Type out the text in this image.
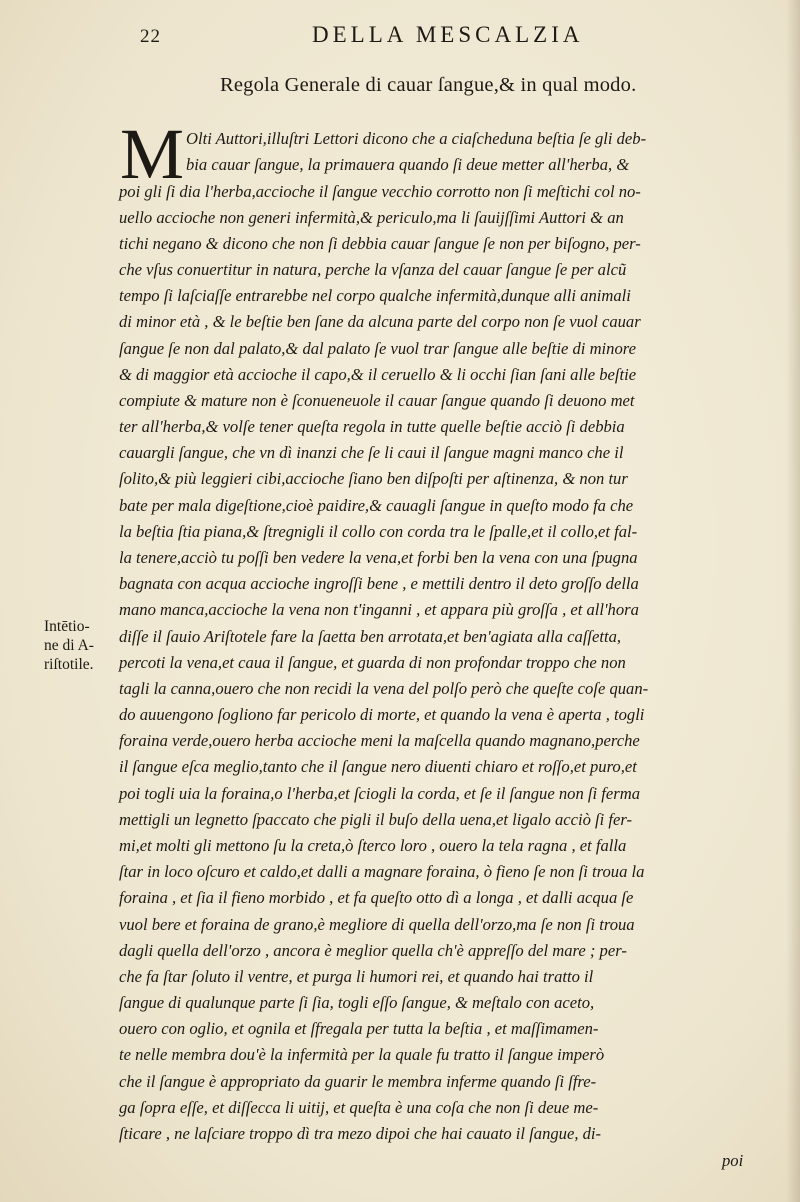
22	DELLA MESCALZIA
Regola Generale di cauar ſangue,& in qual modo.
M Olti Auttori,illuſtri Lettori dicono che a ciaſcheduna beſtia ſe gli deb-
bia cauar ſangue, la primauera quando ſi deue metter all'herba, &
poi gli ſi dia l'herba,accioche il ſangue vecchio corrotto non ſi meſtichi col no-
uello accioche non generi infermità,& periculo,ma li ſauijſſimi Auttori & an
tichi negano & dicono che non ſi debbia cauar ſangue ſe non per biſogno, per-
che vſus conuertitur in natura, perche la vſanza del cauar ſangue ſe per alcũ
tempo ſi laſciaſſe entrarebbe nel corpo qualche infermità,dunque alli animali
di minor età , & le beſtie ben ſane da alcuna parte del corpo non ſe vuol cauar
ſangue ſe non dal palato,& dal palato ſe vuol trar ſangue alle beſtie di minore
& di maggior età accioche il capo,& il ceruello & li occhi ſian ſani alle beſtie
compiute & mature non è ſconueneuole il cauar ſangue quando ſi deuono met
ter all'herba,& volſe tener queſta regola in tutte quelle beſtie acciò ſi debbia
cauargli ſangue, che vn dì inanzi che ſe li caui il ſangue magni manco che il
ſolito,& più leggieri cibi,accioche ſiano ben diſpoſti per aſtinenza, & non tur
bate per mala digeſtione,cioè paidire,& cauagli ſangue in queſto modo fa che
la beſtia ſtia piana,& ſtregnigli il collo con corda tra le ſpalle,et il collo,et fal-
la tenere,acciò tu poſſi ben vedere la vena,et forbi ben la vena con una ſpugna
bagnata con acqua accioche ingroſſi bene , e mettili dentro il deto groſſo della
mano manca,accioche la vena non t'inganni , et appara più groſſa , et all'hora
diſſe il ſauio Ariſtotele fare la ſaetta ben arrotata,et ben'agiata alla caſſetta,
percoti la vena,et caua il ſangue, et guarda di non profondar troppo che non
tagli la canna,ouero che non recidi la vena del polſo però che queſte coſe quan-
do auuengono ſogliono far pericolo di morte, et quando la vena è aperta , togli
foraina verde,ouero herba accioche meni la maſcella quando magnano,perche
il ſangue eſca meglio,tanto che il ſangue nero diuenti chiaro et roſſo,et puro,et
poi togli uia la foraina,o l'herba,et ſciogli la corda, et ſe il ſangue non ſi ferma
mettigli un legnetto ſpaccato che pigli il buſo della uena,et ligalo acciò ſi fer-
mi,et molti gli mettono ſu la creta,ò ſterco loro , ouero la tela ragna , et falla
ſtar in loco oſcuro et caldo,et dalli a magnare foraina, ò fieno ſe non ſi troua la
foraina , et ſia il fieno morbido , et fa queſto otto dì a longa , et dalli acqua ſe
vuol bere et foraina de grano,è megliore di quella dell'orzo,ma ſe non ſi troua
dagli quella dell'orzo , ancora è meglior quella ch'è appreſſo del mare ; per-
che fa ſtar ſoluto il ventre, et purga li humori rei, et quando hai tratto il
ſangue di qualunque parte ſi ſia, togli eſſo ſangue, & meſtalo con aceto,
ouero con oglio, et ognila et ſfregala per tutta la beſtia , et maſſimamen-
te nelle membra dou'è la infermità per la quale fu tratto il ſangue imperò
che il ſangue è appropriato da guarir le membra inferme quando ſi ſfre-
ga ſopra eſſe, et diſſecca li uitij, et queſta è una coſa che non ſi deue me-
ſticare , ne laſciare troppo dì tra mezo dipoi che hai cauato il ſangue, di-
poi
Intētio-
ne di A-
riſtotile.
